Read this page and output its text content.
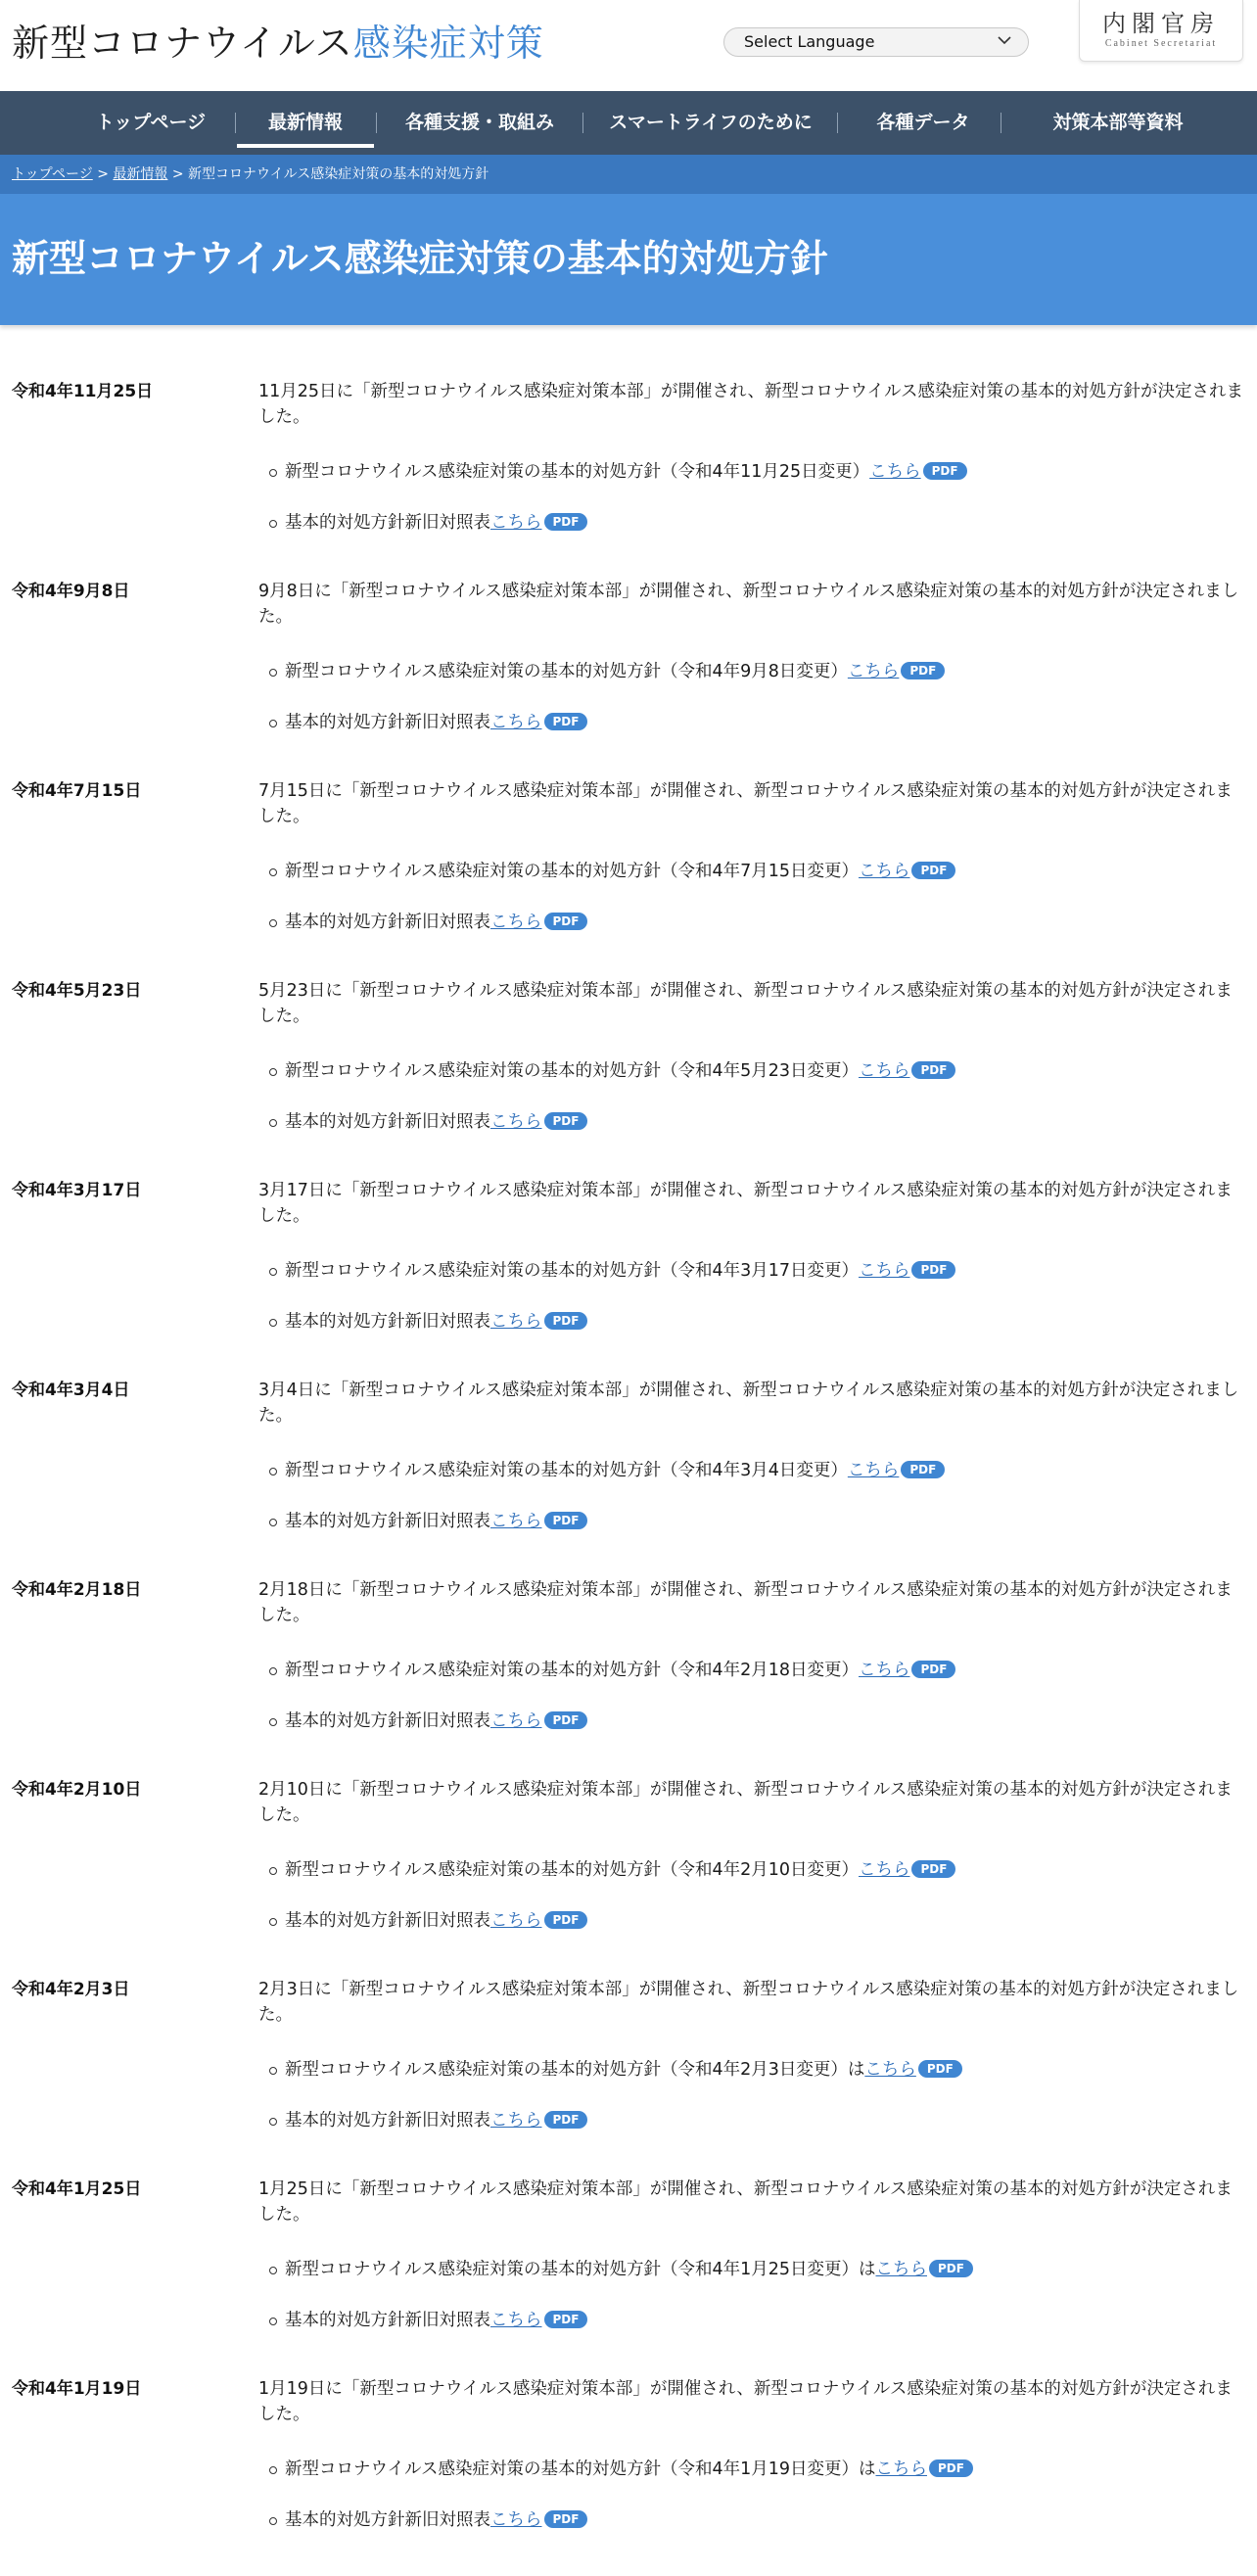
新型コロナウイルス感染症対策	Select Language
内閣官房
Cabinet Secretariat
トップページ	最新情報	各種支援・取組み	スマートライフのために	各種データ	対策本部等資料
トップページ > 最新情報 > 新型コロナウイルス感染症対策の基本的対処方針
新型コロナウイルス感染症対策の基本的対処方針
令和4年11月25日	11月25日に「新型コロナウイルス感染症対策本部」が開催され、新型コロナウイルス感染症対策の基本的対処方針が決定されました。

新型コロナウイルス感染症対策の基本的対処方針（令和4年11月25日変更）こちら PDF
基本的対処方針新旧対照表こちら PDF
令和4年9月8日	9月8日に「新型コロナウイルス感染症対策本部」が開催され、新型コロナウイルス感染症対策の基本的対処方針が決定されました。

新型コロナウイルス感染症対策の基本的対処方針（令和4年9月8日変更）こちら PDF
基本的対処方針新旧対照表こちら PDF
令和4年7月15日	7月15日に「新型コロナウイルス感染症対策本部」が開催され、新型コロナウイルス感染症対策の基本的対処方針が決定されました。

新型コロナウイルス感染症対策の基本的対処方針（令和4年7月15日変更）こちら PDF
基本的対処方針新旧対照表こちら PDF
令和4年5月23日	5月23日に「新型コロナウイルス感染症対策本部」が開催され、新型コロナウイルス感染症対策の基本的対処方針が決定されました。

新型コロナウイルス感染症対策の基本的対処方針（令和4年5月23日変更）こちら PDF
基本的対処方針新旧対照表こちら PDF
令和4年3月17日	3月17日に「新型コロナウイルス感染症対策本部」が開催され、新型コロナウイルス感染症対策の基本的対処方針が決定されました。

新型コロナウイルス感染症対策の基本的対処方針（令和4年3月17日変更）こちら PDF
基本的対処方針新旧対照表こちら PDF
令和4年3月4日	3月4日に「新型コロナウイルス感染症対策本部」が開催され、新型コロナウイルス感染症対策の基本的対処方針が決定されました。

新型コロナウイルス感染症対策の基本的対処方針（令和4年3月4日変更）こちら PDF
基本的対処方針新旧対照表こちら PDF
令和4年2月18日	2月18日に「新型コロナウイルス感染症対策本部」が開催され、新型コロナウイルス感染症対策の基本的対処方針が決定されました。

新型コロナウイルス感染症対策の基本的対処方針（令和4年2月18日変更）こちら PDF
基本的対処方針新旧対照表こちら PDF
令和4年2月10日	2月10日に「新型コロナウイルス感染症対策本部」が開催され、新型コロナウイルス感染症対策の基本的対処方針が決定されました。

新型コロナウイルス感染症対策の基本的対処方針（令和4年2月10日変更）こちら PDF
基本的対処方針新旧対照表こちら PDF
令和4年2月3日	2月3日に「新型コロナウイルス感染症対策本部」が開催され、新型コロナウイルス感染症対策の基本的対処方針が決定されました。

新型コロナウイルス感染症対策の基本的対処方針（令和4年2月3日変更）はこちら PDF
基本的対処方針新旧対照表こちら PDF
令和4年1月25日	1月25日に「新型コロナウイルス感染症対策本部」が開催され、新型コロナウイルス感染症対策の基本的対処方針が決定されました。

新型コロナウイルス感染症対策の基本的対処方針（令和4年1月25日変更）はこちら PDF
基本的対処方針新旧対照表こちら PDF
令和4年1月19日	1月19日に「新型コロナウイルス感染症対策本部」が開催され、新型コロナウイルス感染症対策の基本的対処方針が決定されました。

新型コロナウイルス感染症対策の基本的対処方針（令和4年1月19日変更）はこちら PDF
基本的対処方針新旧対照表こちら PDF
